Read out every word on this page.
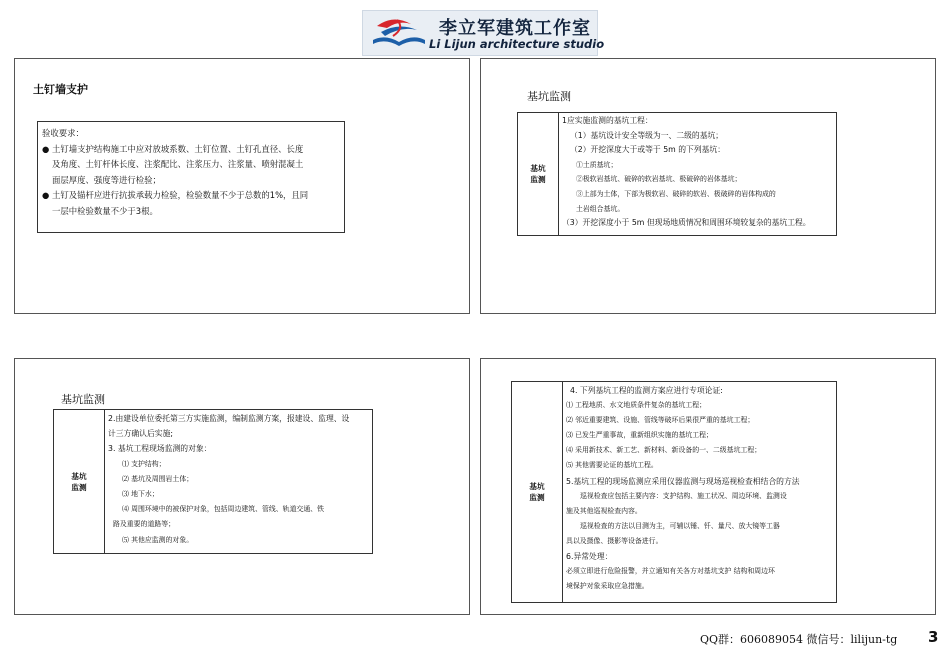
李立军建筑工作室
Li Lijun architecture studio
土钉墙支护
验收要求：
● 土钉墙支护结构施工中应对放坡系数、土钉位置、土钉孔直径、长度
及角度、土钉杆体长度、注浆配比、注浆压力、注浆量、喷射混凝土
面层厚度、强度等进行检验；
● 土钉及锚杆应进行抗拔承载力检验，检验数量不少于总数的1%，且同
一层中检验数量不少于3根。
基坑监测
基坑
监测	
1应实施监测的基坑工程：
（1）基坑设计安全等级为一、二级的基坑；
（2）开挖深度大于或等于 5m 的下列基坑：
①土质基坑；
②极软岩基坑、破碎的软岩基坑、极破碎的岩体基坑；
③上部为土体，下部为极软岩、破碎的软岩、极破碎的岩体构成的
土岩组合基坑。
（3）开挖深度小于 5m 但现场地质情况和周围环境较复杂的基坑工程。
基坑监测
基坑
监测	
2.由建设单位委托第三方实施监测，编制监测方案，报建设、监理、设
计三方确认后实施;
3. 基坑工程现场监测的对象：
⑴ 支护结构；
⑵ 基坑及周围岩土体；
⑶ 地下水；
⑷ 周围环境中的被保护对象，包括周边建筑、管线、轨道交通、铁
路及重要的道路等；
⑸ 其他应监测的对象。
基坑
监测	
4. 下列基坑工程的监测方案应进行专项论证:
⑴ 工程地质、水文地质条件复杂的基坑工程；
⑵ 邻近重要建筑、设施、管线等破坏后果很严重的基坑工程；
⑶ 已发生严重事故，重新组织实施的基坑工程；
⑷ 采用新技术、新工艺、新材料、新设备的一、二级基坑工程；
⑸ 其他需要论证的基坑工程。
5.基坑工程的现场监测应采用仪器监测与现场巡视检查相结合的方法
巡视检查应包括主要内容：支护结构、施工状况、周边环境、监测设
施及其他巡视检查内容。
巡视检查的方法以目测为主，可辅以锤、钎、量尺、放大镜等工器
具以及摄像、摄影等设备进行。
6.异常处理：
必须立即进行危险报警，并立通知有关各方对基坑支护 结构和周边环
境保护对象采取应急措施。
QQ群：606089054 微信号：lilijun-tg 3
